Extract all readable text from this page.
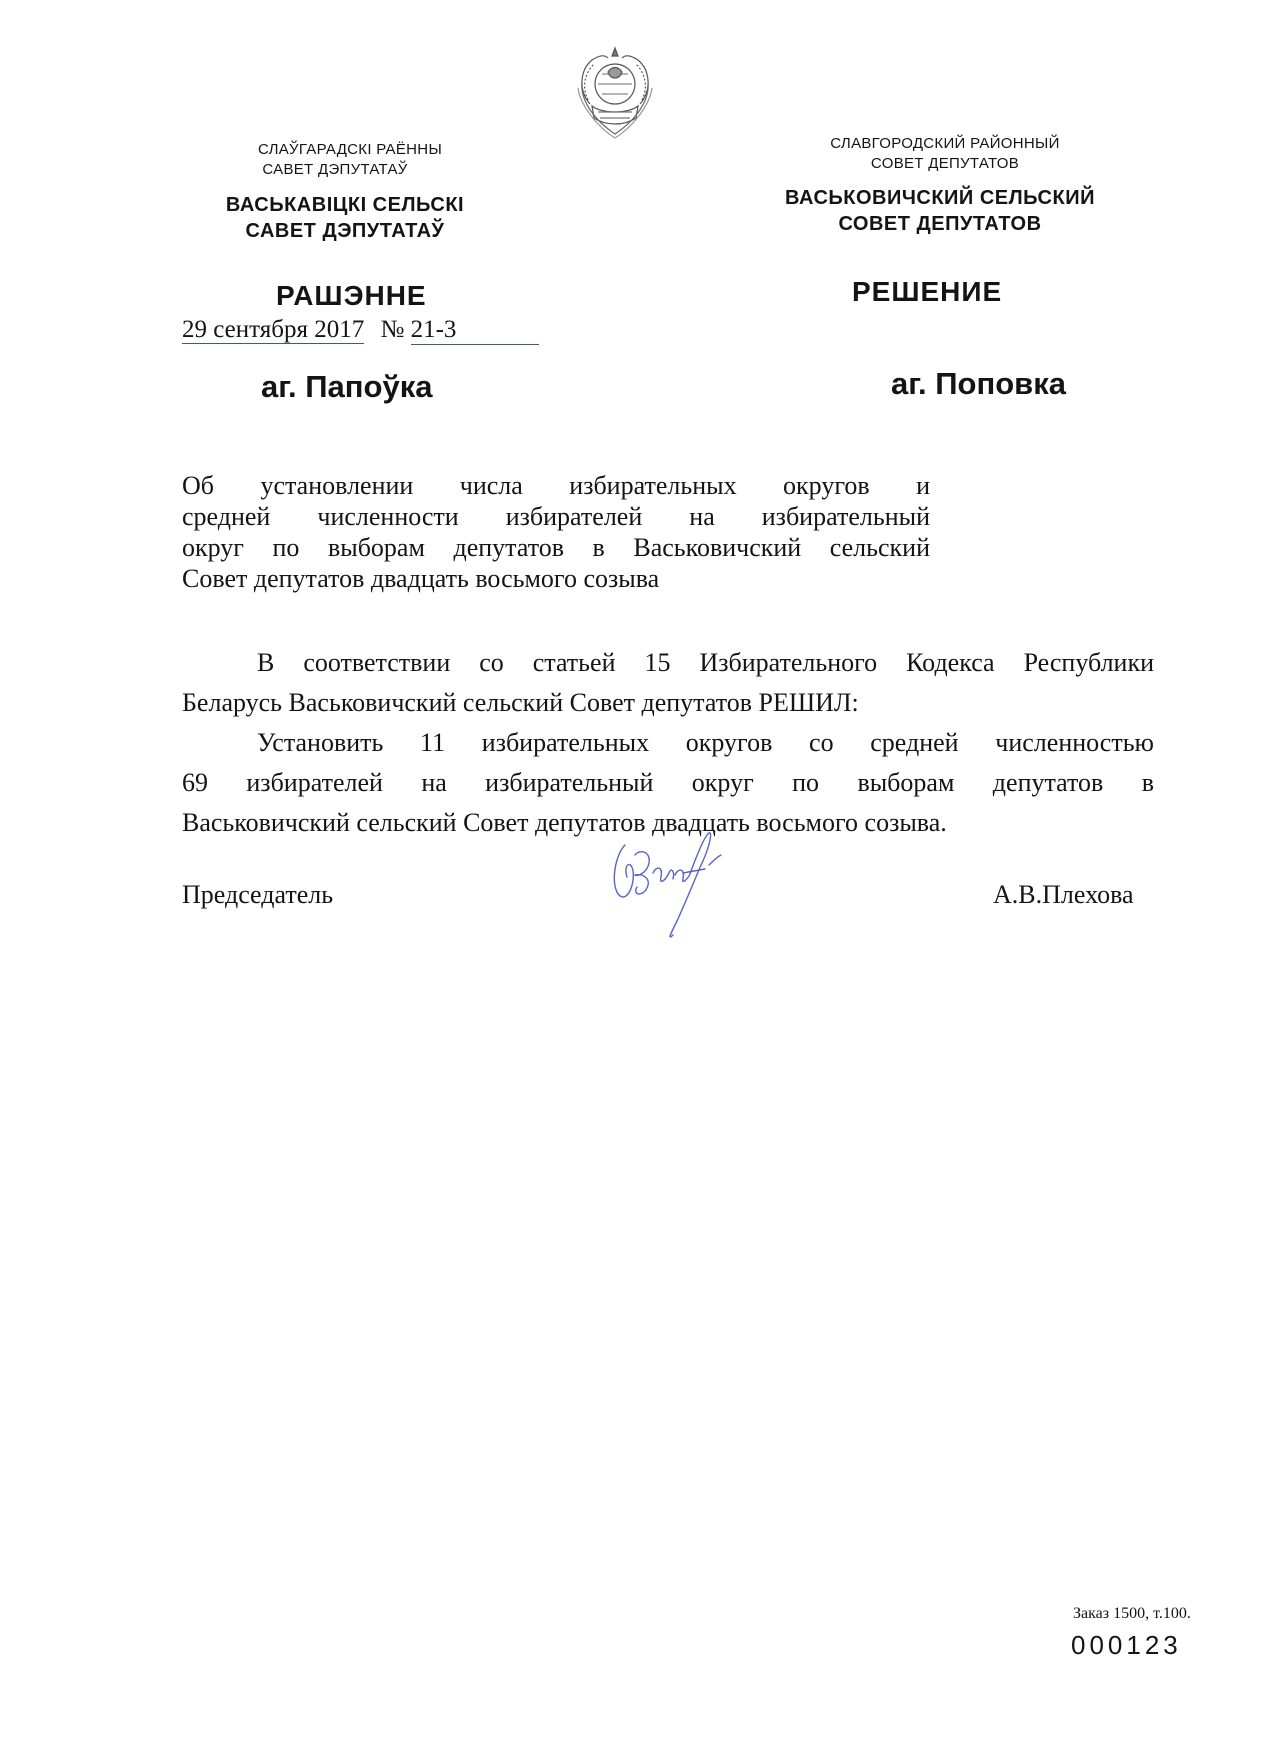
СЛАЎГАРАДСКІ РАЁННЫ
САВЕТ ДЭПУТАТАЎ
ВАСЬКАВІЦКІ СЕЛЬСКІ
САВЕТ ДЭПУТАТАЎ
РАШЭННЕ
СЛАВГОРОДСКИЙ РАЙОННЫЙ
СОВЕТ ДЕПУТАТОВ
ВАСЬКОВИЧСКИЙ СЕЛЬСКИЙ
СОВЕТ ДЕПУТАТОВ
РЕШЕНИЕ
29 сентября 2017 № 21-3
аг. Папоўка	аг. Поповка
Об установлении числа избирательных округов и
средней численности избирателей на избирательный
округ по выборам депутатов в Васьковичский сельский
Совет депутатов двадцать восьмого созыва
В соответствии со статьей 15 Избирательного Кодекса Республики
Беларусь Васьковичский сельский Совет депутатов РЕШИЛ:
Установить 11 избирательных округов со средней численностью
69 избирателей на избирательный округ по выборам депутатов в
Васьковичский сельский Совет депутатов двадцать восьмого созыва.
Председатель	А.В.Плехова
Заказ 1500, т.100.
000123
